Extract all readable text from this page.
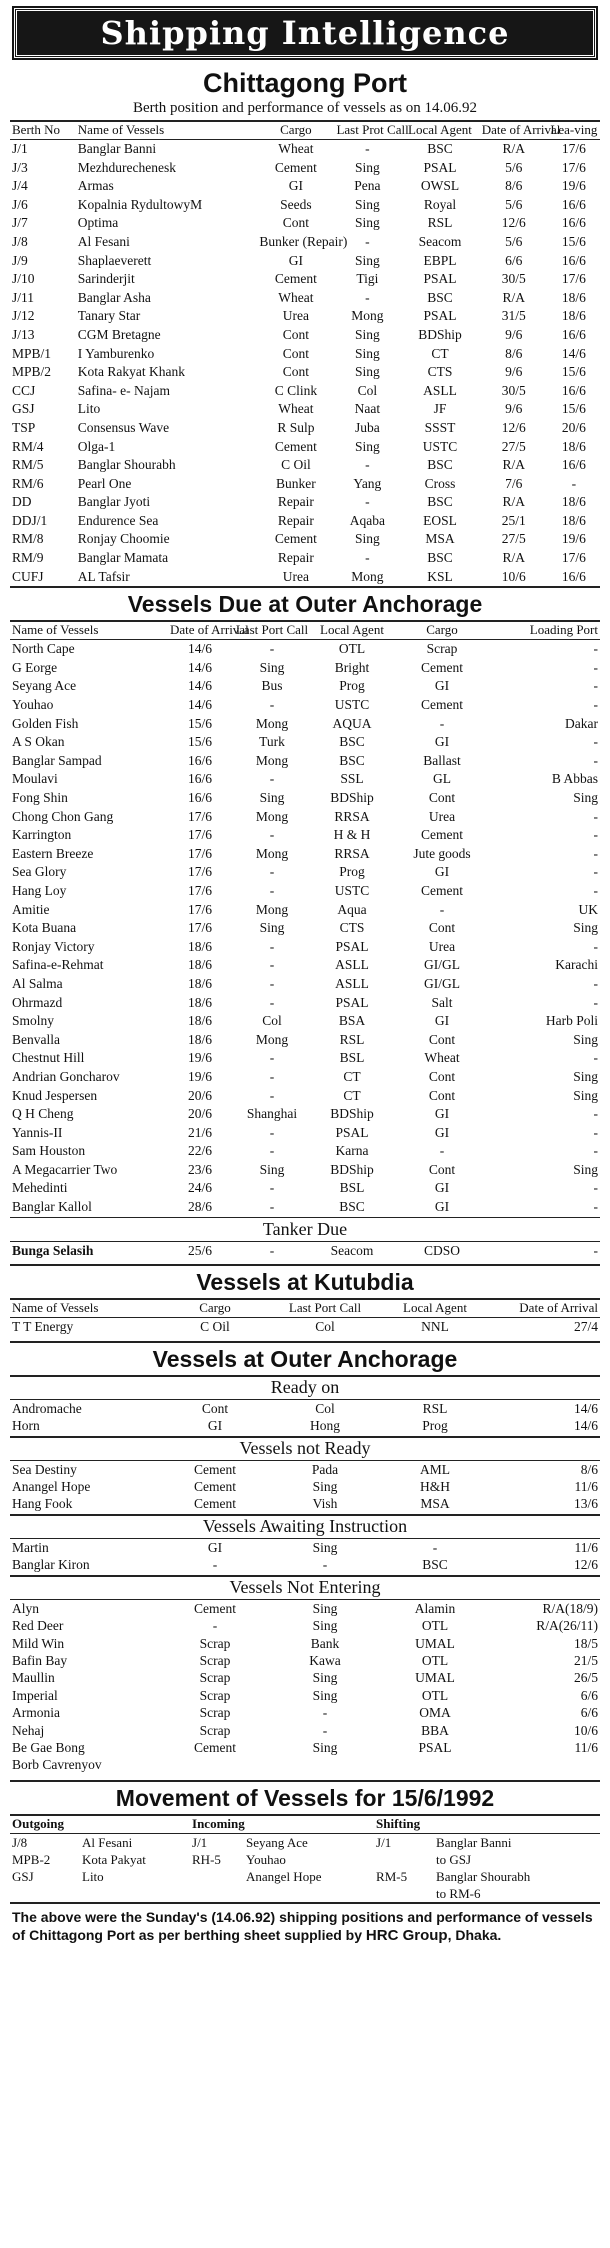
Shipping Intelligence
Chittagong Port
Berth position and performance of vessels as on 14.06.92
Berth No	Name of Vessels	Cargo	Last Prot Call	Local Agent	Date of Arrival	Lea-ving
J/1	Banglar Banni	Wheat	-	BSC	R/A	17/6
J/3	Mezhdurechenesk	Cement	Sing	PSAL	5/6	17/6
J/4	Armas	GI	Pena	OWSL	8/6	19/6
J/6	Kopalnia RydultowyM	Seeds	Sing	Royal	5/6	16/6
J/7	Optima	Cont	Sing	RSL	12/6	16/6
J/8	Al Fesani	Bunker (Repair)	-	Seacom	5/6	15/6
J/9	Shaplaeverett	GI	Sing	EBPL	6/6	16/6
J/10	Sarinderjit	Cement	Tigi	PSAL	30/5	17/6
J/11	Banglar Asha	Wheat	-	BSC	R/A	18/6
J/12	Tanary Star	Urea	Mong	PSAL	31/5	18/6
J/13	CGM Bretagne	Cont	Sing	BDShip	9/6	16/6
MPB/1	I Yamburenko	Cont	Sing	CT	8/6	14/6
MPB/2	Kota Rakyat Khank	Cont	Sing	CTS	9/6	15/6
CCJ	Safina- e- Najam	C Clink	Col	ASLL	30/5	16/6
GSJ	Lito	Wheat	Naat	JF	9/6	15/6
TSP	Consensus Wave	R Sulp	Juba	SSST	12/6	20/6
RM/4	Olga-1	Cement	Sing	USTC	27/5	18/6
RM/5	Banglar Shourabh	C Oil	-	BSC	R/A	16/6
RM/6	Pearl One	Bunker	Yang	Cross	7/6	-
DD	Banglar Jyoti	Repair	-	BSC	R/A	18/6
DDJ/1	Endurence Sea	Repair	Aqaba	EOSL	25/1	18/6
RM/8	Ronjay Choomie	Cement	Sing	MSA	27/5	19/6
RM/9	Banglar Mamata	Repair	-	BSC	R/A	17/6
CUFJ	AL Tafsir	Urea	Mong	KSL	10/6	16/6
Vessels Due at Outer Anchorage
Name of Vessels	Date of Arrival	Last Port Call	Local Agent	Cargo	Loading Port
North Cape	14/6	-	OTL	Scrap	-
G Eorge	14/6	Sing	Bright	Cement	-
Seyang Ace	14/6	Bus	Prog	GI	-
Youhao	14/6	-	USTC	Cement	-
Golden Fish	15/6	Mong	AQUA	-	Dakar
A S Okan	15/6	Turk	BSC	GI	-
Banglar Sampad	16/6	Mong	BSC	Ballast	-
Moulavi	16/6	-	SSL	GL	B Abbas
Fong Shin	16/6	Sing	BDShip	Cont	Sing
Chong Chon Gang	17/6	Mong	RRSA	Urea	-
Karrington	17/6	-	H & H	Cement	-
Eastern Breeze	17/6	Mong	RRSA	Jute goods	-
Sea Glory	17/6	-	Prog	GI	-
Hang Loy	17/6	-	USTC	Cement	-
Amitie	17/6	Mong	Aqua	-	UK
Kota Buana	17/6	Sing	CTS	Cont	Sing
Ronjay Victory	18/6	-	PSAL	Urea	-
Safina-e-Rehmat	18/6	-	ASLL	GI/GL	Karachi
Al Salma	18/6	-	ASLL	GI/GL	-
Ohrmazd	18/6	-	PSAL	Salt	-
Smolny	18/6	Col	BSA	GI	Harb Poli
Benvalla	18/6	Mong	RSL	Cont	Sing
Chestnut Hill	19/6	-	BSL	Wheat	-
Andrian Goncharov	19/6	-	CT	Cont	Sing
Knud Jespersen	20/6	-	CT	Cont	Sing
Q H Cheng	20/6	Shanghai	BDShip	GI	-
Yannis-II	21/6	-	PSAL	GI	-
Sam Houston	22/6	-	Karna	-	-
A Megacarrier Two	23/6	Sing	BDShip	Cont	Sing
Mehedinti	24/6	-	BSL	GI	-
Banglar Kallol	28/6	-	BSC	GI	-
Tanker Due
Bunga Selasih	25/6	-	Seacom	CDSO	-
Vessels at Kutubdia
Name of Vessels	Cargo	Last Port Call	Local Agent	Date of Arrival
T T Energy	C Oil	Col	NNL	27/4
Vessels at Outer Anchorage
Ready on
Andromache	Cont	Col	RSL	14/6
Horn	GI	Hong	Prog	14/6
Vessels not Ready
Sea Destiny	Cement	Pada	AML	8/6
Anangel Hope	Cement	Sing	H&H	11/6
Hang Fook	Cement	Vish	MSA	13/6
Vessels Awaiting Instruction
Martin	GI	Sing	-	11/6
Banglar Kiron	-	-	BSC	12/6
Vessels Not Entering
Alyn	Cement	Sing	Alamin	R/A(18/9)
Red Deer	-	Sing	OTL	R/A(26/11)
Mild Win	Scrap	Bank	UMAL	18/5
Bafin Bay	Scrap	Kawa	OTL	21/5
Maullin	Scrap	Sing	UMAL	26/5
Imperial	Scrap	Sing	OTL	6/6
Armonia	Scrap	-	OMA	6/6
Nehaj	Scrap	-	BBA	10/6
Be Gae Bong	Cement	Sing	PSAL	11/6
Borb Cavrenyov				
Movement of Vessels for 15/6/1992
Outgoing		Incoming		Shifting	
J/8	Al Fesani	J/1	Seyang Ace	J/1	Banglar Banni
MPB-2	Kota Pakyat	RH-5	Youhao		to GSJ
GSJ	Lito		Anangel Hope	RM-5	Banglar Shourabh
					to RM-6
The above were the Sunday's (14.06.92) shipping positions and performance of vessels of Chittagong Port as per berthing sheet supplied by HRC Group, Dhaka.
